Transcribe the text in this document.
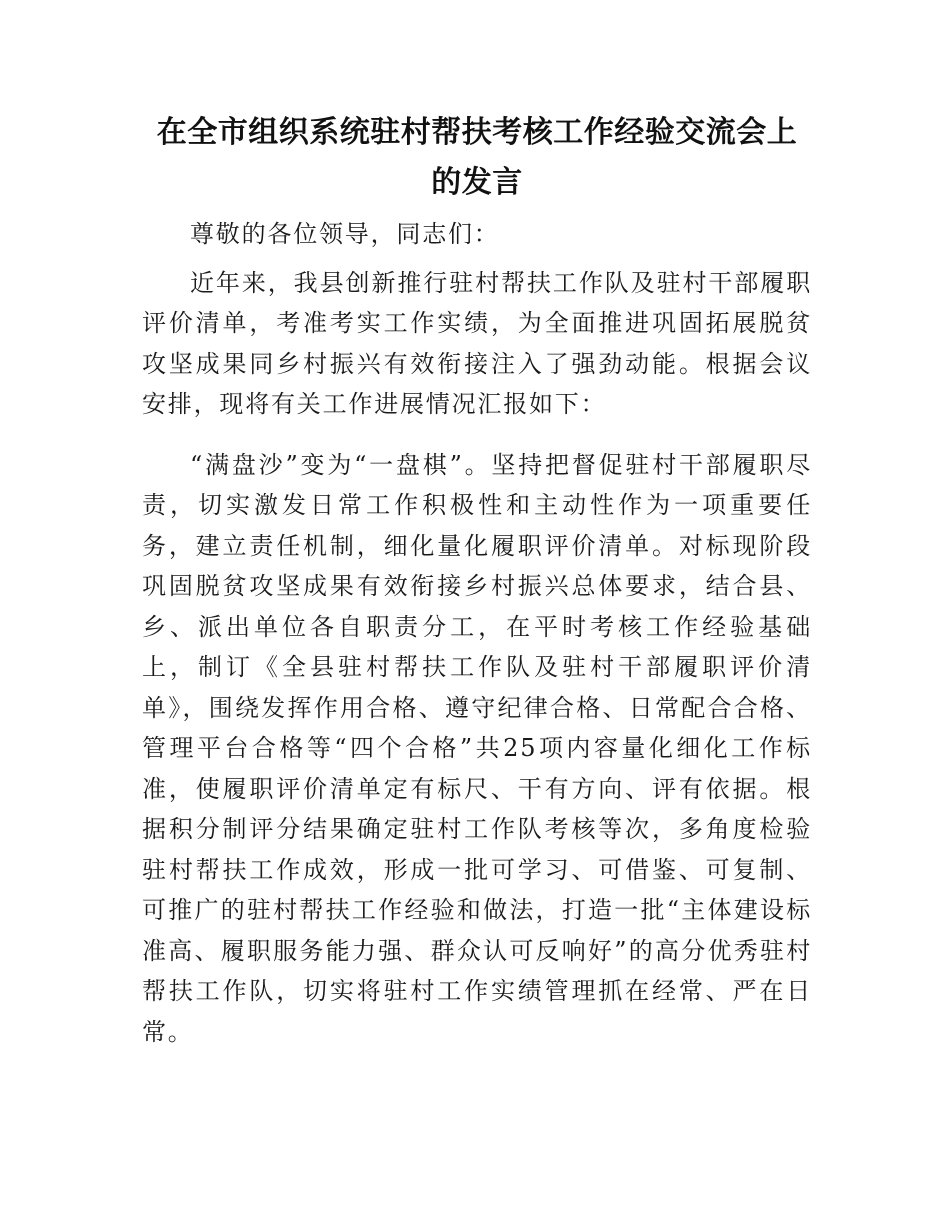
在全市组织系统驻村帮扶考核工作经验交流会上的发言

尊敬的各位领导，同志们：

近年来，我县创新推行驻村帮扶工作队及驻村干部履职评价清单，考准考实工作实绩，为全面推进巩固拓展脱贫攻坚成果同乡村振兴有效衔接注入了强劲动能。根据会议安排，现将有关工作进展情况汇报如下：

“满盘沙”变为“一盘棋”。坚持把督促驻村干部履职尽责，切实激发日常工作积极性和主动性作为一项重要任务，建立责任机制，细化量化履职评价清单。对标现阶段巩固脱贫攻坚成果有效衔接乡村振兴总体要求，结合县、乡、派出单位各自职责分工，在平时考核工作经验基础上，制订《全县驻村帮扶工作队及驻村干部履职评价清单》，围绕发挥作用合格、遵守纪律合格、日常配合合格、管理平台合格等“四个合格”共25项内容量化细化工作标准，使履职评价清单定有标尺、干有方向、评有依据。根据积分制评分结果确定驻村工作队考核等次，多角度检验驻村帮扶工作成效，形成一批可学习、可借鉴、可复制、可推广的驻村帮扶工作经验和做法，打造一批“主体建设标准高、履职服务能力强、群众认可反响好”的高分优秀驻村帮扶工作队，切实将驻村工作实绩管理抓在经常、严在日常。
